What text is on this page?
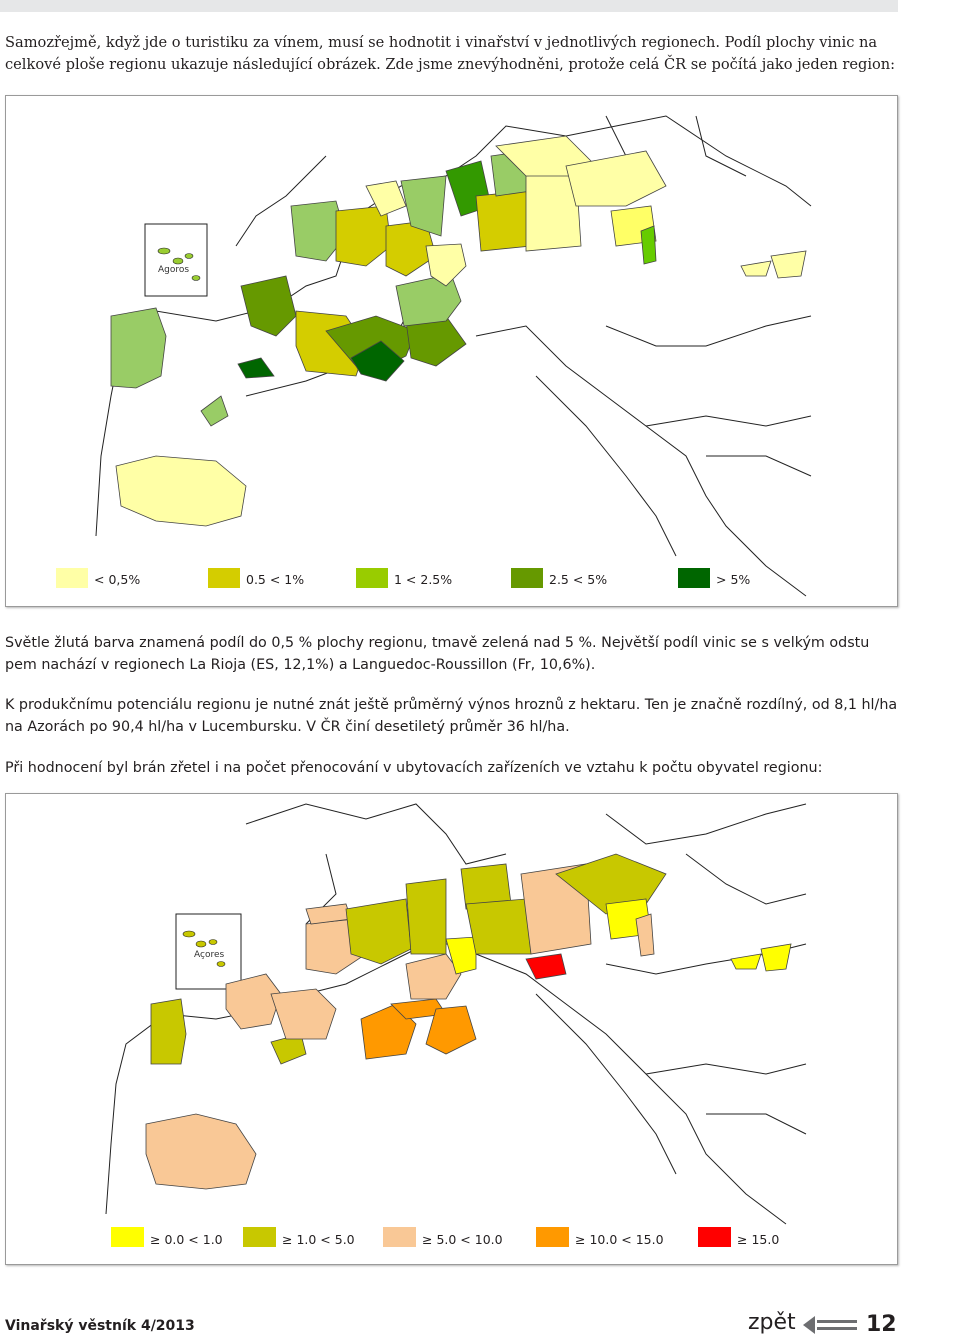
Samozřejmě, když jde o turistiku za vínem, musí se hodnotit i vinařství v jednotlivých regionech. Podíl plochy vinic na celkové ploše regionu ukazuje následující obrázek. Zde jsme znevýhodněni, protože celá ČR se počítá jako jeden region:

Agoros
< 0,5%	0.5 < 1%	1 < 2.5%	2.5 < 5%	> 5%

Světle žlutá barva znamená podíl do 0,5 % plochy regionu, tmavě zelená nad 5 %. Největší podíl vinic se s velkým odstu pem nachází v regionech La Rioja (ES, 12,1%) a Languedoc-Roussillon (Fr, 10,6%).

K produkčnímu potenciálu regionu je nutné znát ještě průměrný výnos hroznů z hektaru. Ten je značně rozdílný, od 8,1 hl/ha na Azorách po 90,4 hl/ha v Lucembursku. V ČR činí desetiletý průměr 36 hl/ha.

Při hodnocení byl brán zřetel i na počet přenocování v ubytovacích zařízeních ve vztahu k počtu obyvatel regionu:

Açores
≥ 0.0 < 1.0	≥ 1.0 < 5.0	≥ 5.0 < 10.0	≥ 10.0 < 15.0	≥ 15.0
Vinařský věstník 4/2013	zpět	12
